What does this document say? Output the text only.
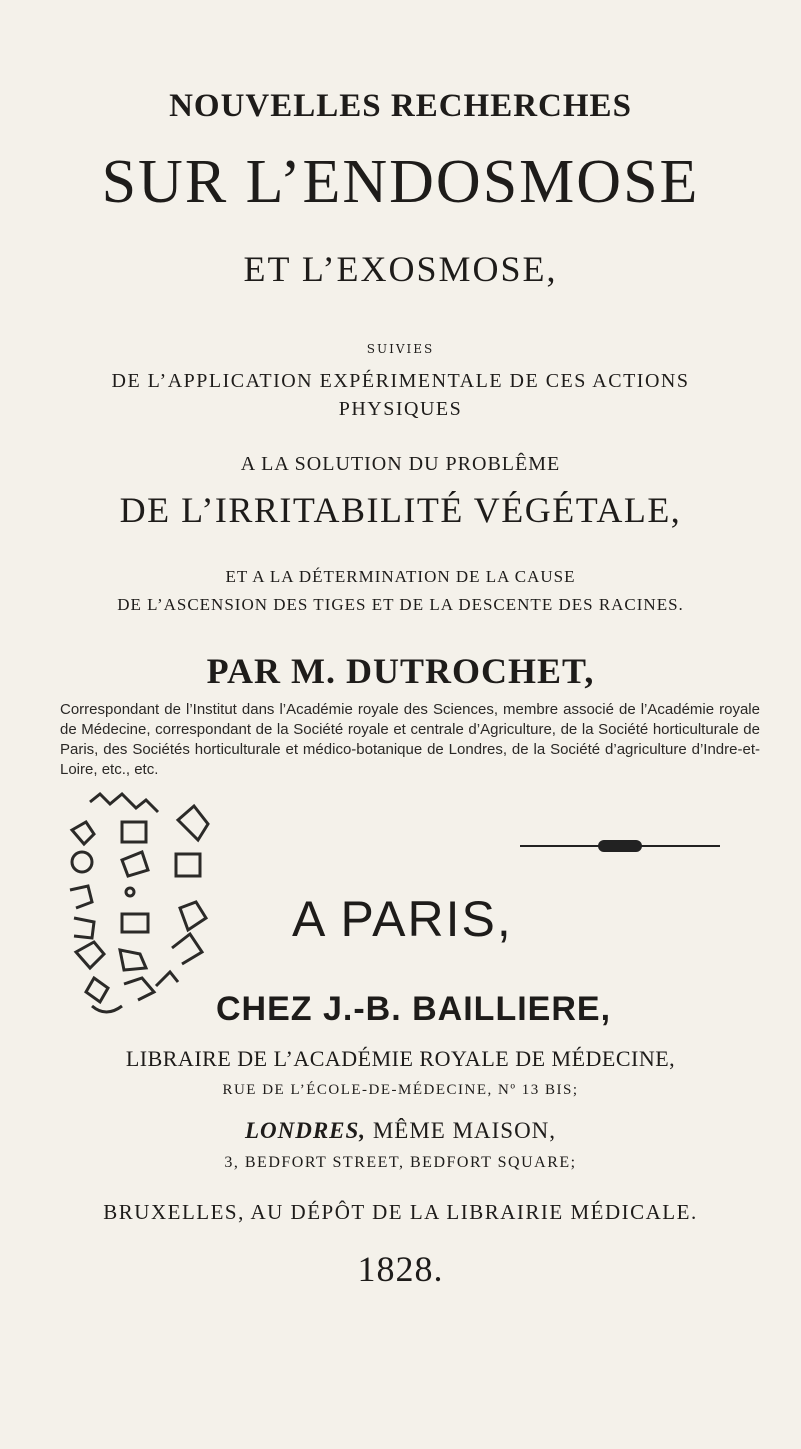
NOUVELLES RECHERCHES
SUR L’ENDOSMOSE
ET L’EXOSMOSE,
SUIVIES
DE L’APPLICATION EXPÉRIMENTALE DE CES ACTIONS
PHYSIQUES
A LA SOLUTION DU PROBLÊME
DE L’IRRITABILITÉ VÉGÉTALE,
ET A LA DÉTERMINATION DE LA CAUSE
DE L’ASCENSION DES TIGES ET DE LA DESCENTE DES RACINES.
PAR M. DUTROCHET,

Correspondant de l’Institut dans l’Académie royale des Sciences, membre associé de l’Académie royale de Médecine, correspondant de la Société royale et centrale d’Agriculture, de la Société horticulturale de Paris, des Sociétés horticulturale et médico-botanique de Londres, de la Société d’agriculture d’Indre-et-Loire, etc., etc.

A PARIS,
CHEZ J.-B. BAILLIERE,
LIBRAIRE DE L’ACADÉMIE ROYALE DE MÉDECINE,
RUE DE L’ÉCOLE-DE-MÉDECINE, Nº 13 BIS;
LONDRES, MÊME MAISON,
3, BEDFORT STREET, BEDFORT SQUARE;
BRUXELLES, AU DÉPÔT DE LA LIBRAIRIE MÉDICALE.
1828.
